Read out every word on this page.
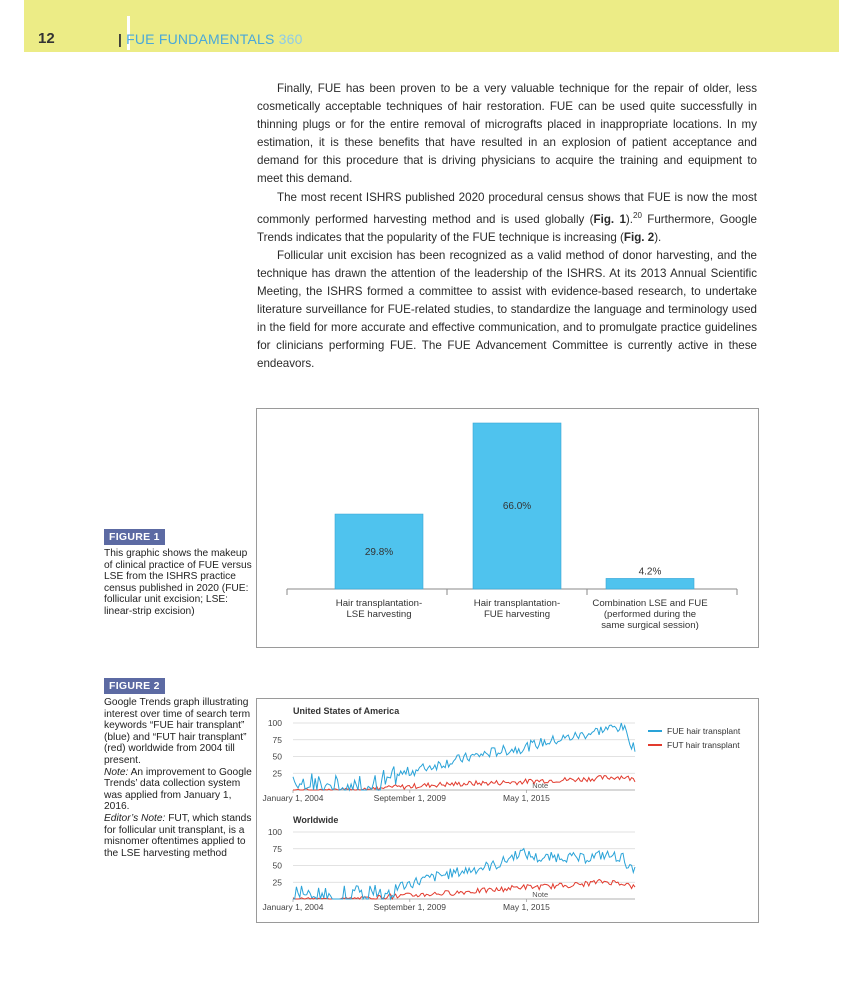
12	| FUE FUNDAMENTALS 360

Finally, FUE has been proven to be a very valuable technique for the repair of older, less cosmetically acceptable techniques of hair restoration. FUE can be used quite successfully in thinning plugs or for the entire removal of micrografts placed in inappropriate locations. In my estimation, it is these benefits that have resulted in an explosion of patient acceptance and demand for this procedure that is driving physicians to acquire the training and equipment to meet this demand.

The most recent ISHRS published 2020 procedural census shows that FUE is now the most commonly performed harvesting method and is used globally (Fig. 1).$^{20}$ Furthermore, Google Trends indicates that the popularity of the FUE technique is increasing (Fig. 2).

Follicular unit excision has been recognized as a valid method of donor harvesting, and the technique has drawn the attention of the leadership of the ISHRS. At its 2013 Annual Scientific Meeting, the ISHRS formed a committee to assist with evidence-based research, to undertake literature surveillance for FUE-related studies, to standardize the language and terminology used in the field for more accurate and effective communication, and to promulgate practice guidelines for clinicians performing FUE. The FUE Advancement Committee is currently active in these endeavors.

FIGURE 1
This graphic shows the makeup of clinical practice of FUE versus LSE from the ISHRS practice census published in 2020 (FUE: follicular unit excision; LSE: linear-strip excision)
29.8%
Hair transplantation-
LSE harvesting
66.0%
Hair transplantation-
FUE harvesting
4.2%
Combination LSE and FUE
(performed during the
same surgical session)
FIGURE 2
Google Trends graph illustrating interest over time of search term keywords “FUE hair transplant” (blue) and “FUT hair transplant” (red) worldwide from 2004 till present.
Note: An improvement to Google Trends’ data collection system was applied from January 1, 2016.
Editor’s Note: FUT, which stands for follicular unit transplant, is a misnomer oftentimes applied to the LSE harvesting method
United States of America
100
75
50
25
January 1, 2004	September 1, 2009	May 1, 2015
Note
Worldwide
100
75
50
25
January 1, 2004	September 1, 2009	May 1, 2015
Note
FUE hair transplant
FUT hair transplant
